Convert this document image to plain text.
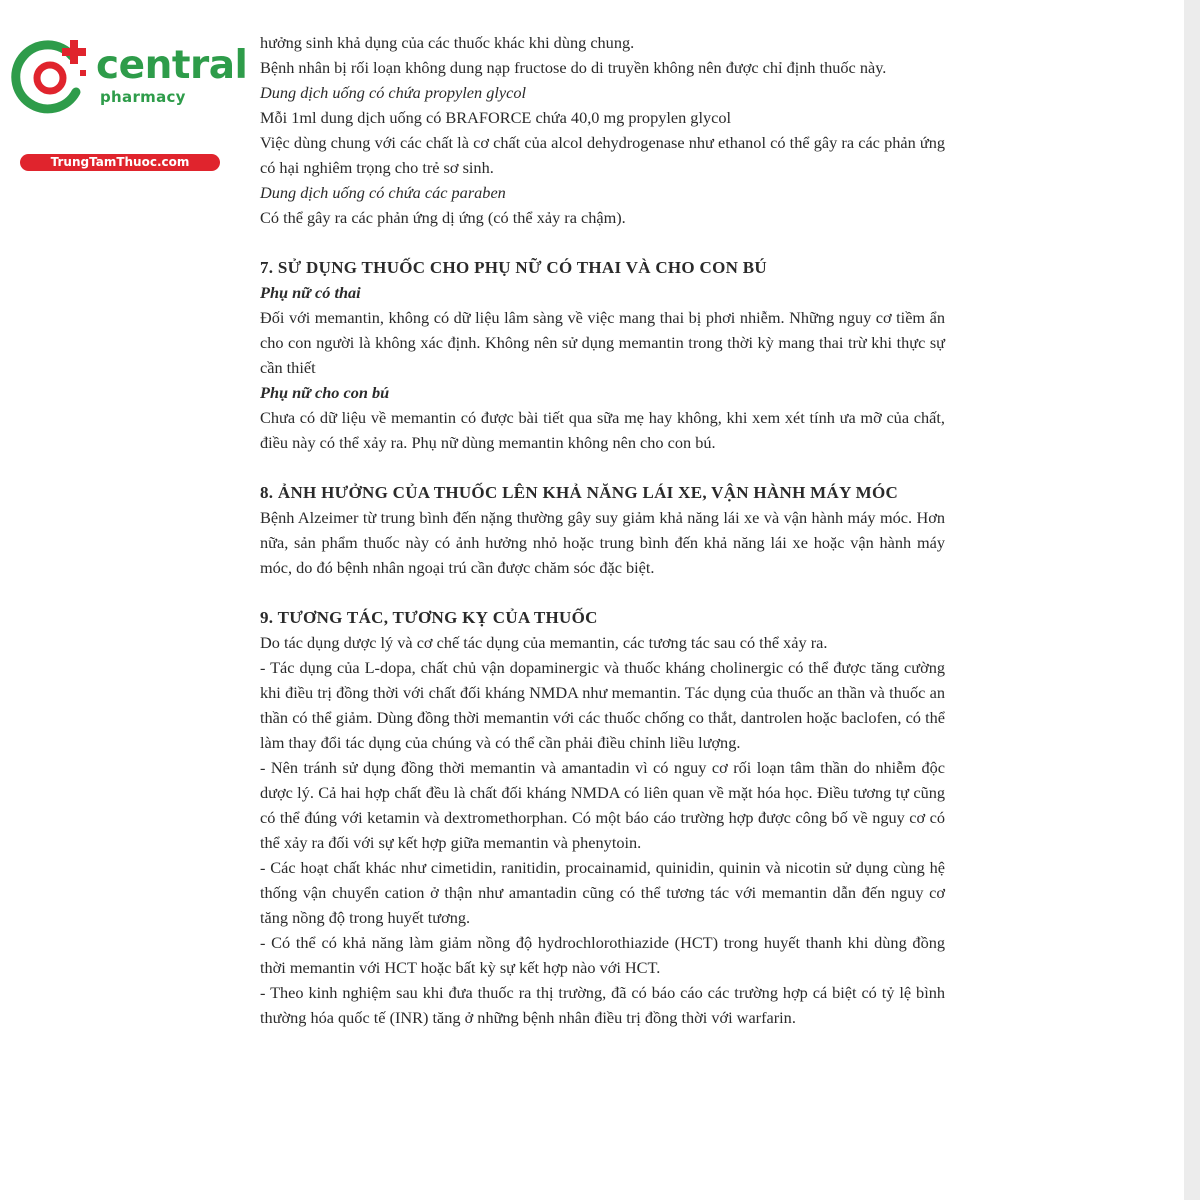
central
pharmacy
TrungTamThuoc.com

hưởng sinh khả dụng của các thuốc khác khi dùng chung.

Bệnh nhân bị rối loạn không dung nạp fructose do di truyền không nên được chỉ định thuốc này.

Dung dịch uống có chứa propylen glycol

Mỗi 1ml dung dịch uống có BRAFORCE chứa 40,0 mg propylen glycol

Việc dùng chung với các chất là cơ chất của alcol dehydrogenase như ethanol có thể gây ra các phản ứng có hại nghiêm trọng cho trẻ sơ sinh.

Dung dịch uống có chứa các paraben

Có thể gây ra các phản ứng dị ứng (có thể xảy ra chậm).

7. SỬ DỤNG THUỐC CHO PHỤ NỮ CÓ THAI VÀ CHO CON BÚ

Phụ nữ có thai

Đối với memantin, không có dữ liệu lâm sàng về việc mang thai bị phơi nhiễm. Những nguy cơ tiềm ẩn cho con người là không xác định. Không nên sử dụng memantin trong thời kỳ mang thai trừ khi thực sự cần thiết

Phụ nữ cho con bú

Chưa có dữ liệu về memantin có được bài tiết qua sữa mẹ hay không, khi xem xét tính ưa mỡ của chất, điều này có thể xảy ra. Phụ nữ dùng memantin không nên cho con bú.

8. ẢNH HƯỞNG CỦA THUỐC LÊN KHẢ NĂNG LÁI XE, VẬN HÀNH MÁY MÓC

Bệnh Alzeimer từ trung bình đến nặng thường gây suy giảm khả năng lái xe và vận hành máy móc. Hơn nữa, sản phẩm thuốc này có ảnh hưởng nhỏ hoặc trung bình đến khả năng lái xe hoặc vận hành máy móc, do đó bệnh nhân ngoại trú cần được chăm sóc đặc biệt.

9. TƯƠNG TÁC, TƯƠNG KỴ CỦA THUỐC

Do tác dụng dược lý và cơ chế tác dụng của memantin, các tương tác sau có thể xảy ra.

- Tác dụng của L-dopa, chất chủ vận dopaminergic và thuốc kháng cholinergic có thể được tăng cường khi điều trị đồng thời với chất đối kháng NMDA như memantin. Tác dụng của thuốc an thần và thuốc an thần có thể giảm. Dùng đồng thời memantin với các thuốc chống co thắt, dantrolen hoặc baclofen, có thể làm thay đổi tác dụng của chúng và có thể cần phải điều chỉnh liều lượng.

- Nên tránh sử dụng đồng thời memantin và amantadin vì có nguy cơ rối loạn tâm thần do nhiễm độc dược lý. Cả hai hợp chất đều là chất đối kháng NMDA có liên quan về mặt hóa học. Điều tương tự cũng có thể đúng với ketamin và dextromethorphan. Có một báo cáo trường hợp được công bố về nguy cơ có thể xảy ra đối với sự kết hợp giữa memantin và phenytoin.

- Các hoạt chất khác như cimetidin, ranitidin, procainamid, quinidin, quinin và nicotin sử dụng cùng hệ thống vận chuyển cation ở thận như amantadin cũng có thể tương tác với memantin dẫn đến nguy cơ tăng nồng độ trong huyết tương.

- Có thể có khả năng làm giảm nồng độ hydrochlorothiazide (HCT) trong huyết thanh khi dùng đồng thời memantin với HCT hoặc bất kỳ sự kết hợp nào với HCT.

- Theo kinh nghiệm sau khi đưa thuốc ra thị trường, đã có báo cáo các trường hợp cá biệt có tỷ lệ bình thường hóa quốc tế (INR) tăng ở những bệnh nhân điều trị đồng thời với warfarin.
